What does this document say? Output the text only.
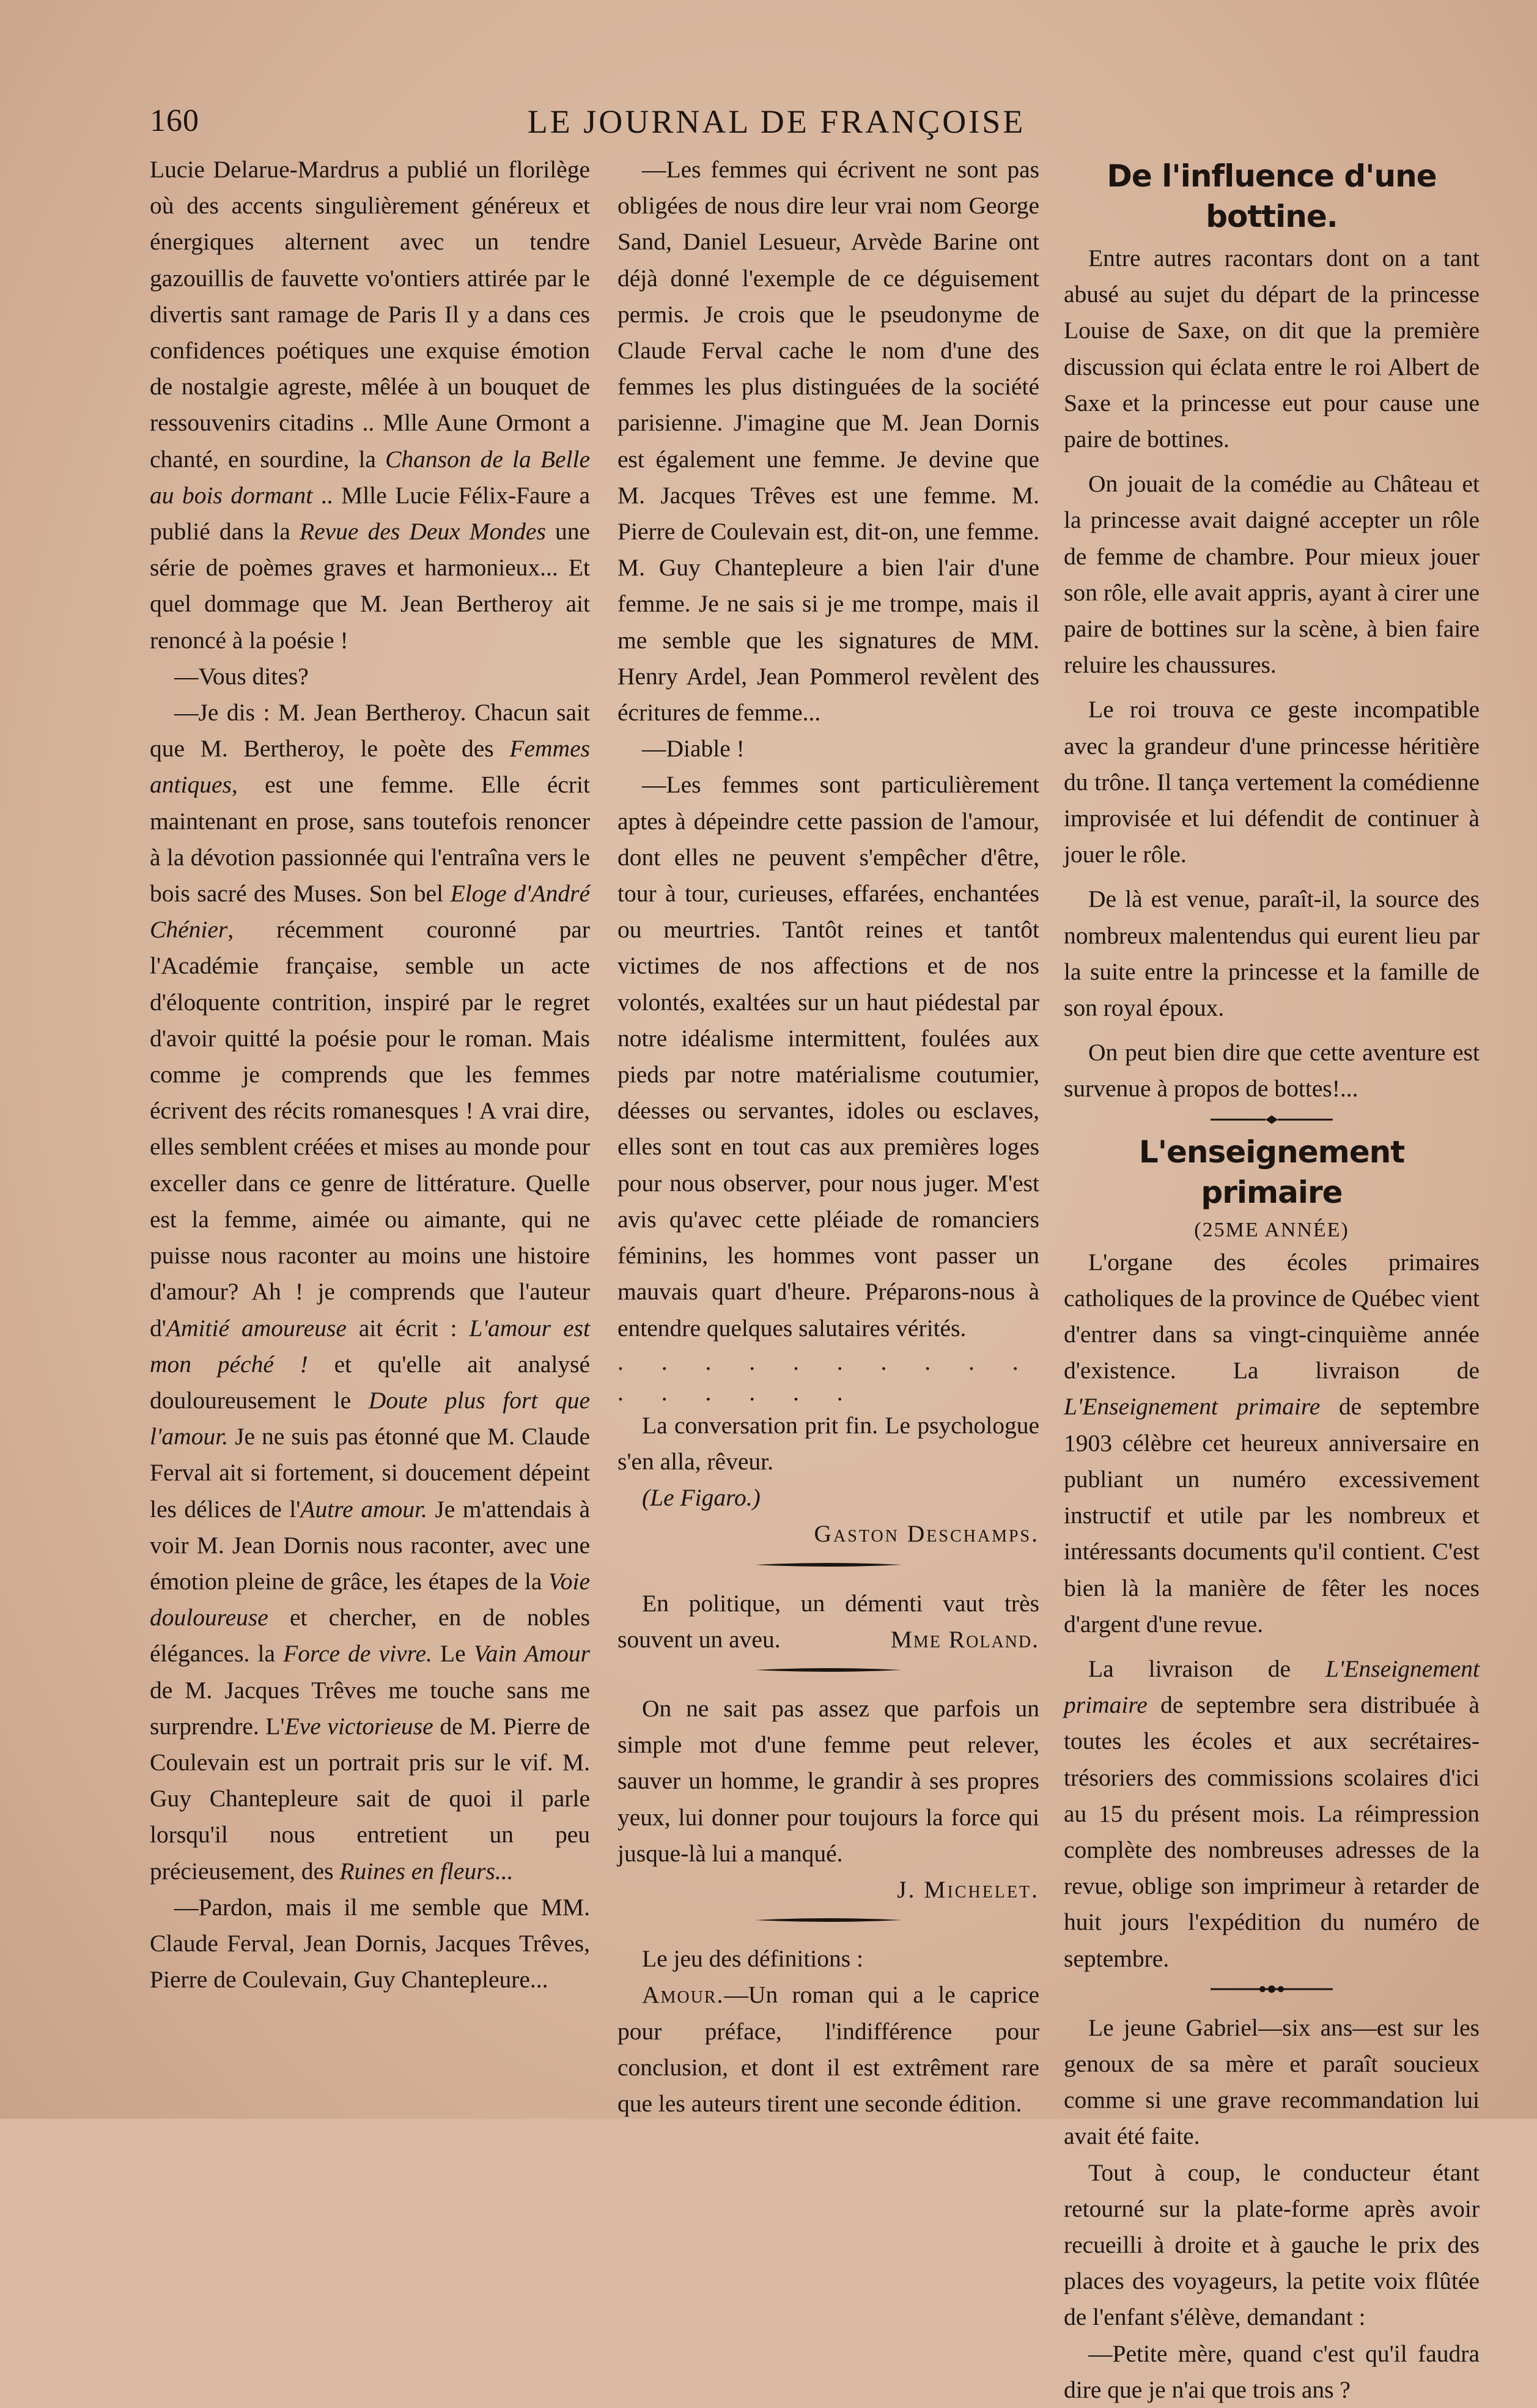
160	LE JOURNAL DE FRANÇOISE

Lucie Delarue-Mardrus a publié un florilège où des accents singulièrement généreux et énergiques alternent avec un tendre gazouillis de fauvette vo'ontiers attirée par le divertis sant ramage de Paris Il y a dans ces confidences poétiques une exquise émotion de nostalgie agreste, mêlée à un bouquet de ressouvenirs citadins .. Mlle Aune Ormont a chanté, en sourdine, la Chanson de la Belle au bois dormant .. Mlle Lucie Félix-Faure a publié dans la Revue des Deux Mondes une série de poèmes graves et harmonieux... Et quel dommage que M. Jean Bertheroy ait renoncé à la poésie !

—Vous dites?

—Je dis : M. Jean Bertheroy. Chacun sait que M. Bertheroy, le poète des Femmes antiques, est une femme. Elle écrit maintenant en prose, sans toutefois renoncer à la dévotion passionnée qui l'entraîna vers le bois sacré des Muses. Son bel Eloge d'André Chénier, récemment couronné par l'Académie française, semble un acte d'éloquente contrition, inspiré par le regret d'avoir quitté la poésie pour le roman. Mais comme je comprends que les femmes écrivent des récits romanesques ! A vrai dire, elles semblent créées et mises au monde pour exceller dans ce genre de littérature. Quelle est la femme, aimée ou aimante, qui ne puisse nous raconter au moins une histoire d'amour? Ah ! je comprends que l'auteur d'Amitié amoureuse ait écrit : L'amour est mon péché ! et qu'elle ait analysé douloureusement le Doute plus fort que l'amour. Je ne suis pas étonné que M. Claude Ferval ait si fortement, si doucement dépeint les délices de l'Autre amour. Je m'attendais à voir M. Jean Dornis nous raconter, avec une émotion pleine de grâce, les étapes de la Voie douloureuse et chercher, en de nobles élégances. la Force de vivre. Le Vain Amour de M. Jacques Trêves me touche sans me surprendre. L'Eve victorieuse de M. Pierre de Coulevain est un portrait pris sur le vif. M. Guy Chantepleure sait de quoi il parle lorsqu'il nous entretient un peu précieusement, des Ruines en fleurs...

—Pardon, mais il me semble que MM. Claude Ferval, Jean Dornis, Jacques Trêves, Pierre de Coulevain, Guy Chantepleure...

—Les femmes qui écrivent ne sont pas obligées de nous dire leur vrai nom George Sand, Daniel Lesueur, Arvède Barine ont déjà donné l'exemple de ce déguisement permis. Je crois que le pseudonyme de Claude Ferval cache le nom d'une des femmes les plus distinguées de la société parisienne. J'imagine que M. Jean Dornis est également une femme. Je devine que M. Jacques Trêves est une femme. M. Pierre de Coulevain est, dit-on, une femme. M. Guy Chantepleure a bien l'air d'une femme. Je ne sais si je me trompe, mais il me semble que les signatures de MM. Henry Ardel, Jean Pommerol revèlent des écritures de femme...

—Diable !

—Les femmes sont particulièrement aptes à dépeindre cette passion de l'amour, dont elles ne peuvent s'empêcher d'être, tour à tour, curieuses, effarées, enchantées ou meurtries. Tantôt reines et tantôt victimes de nos affections et de nos volontés, exaltées sur un haut piédestal par notre idéalisme intermittent, foulées aux pieds par notre matérialisme coutumier, déesses ou servantes, idoles ou esclaves, elles sont en tout cas aux premières loges pour nous observer, pour nous juger. M'est avis qu'avec cette pléiade de romanciers féminins, les hommes vont passer un mauvais quart d'heure. Préparons-nous à entendre quelques salutaires vérités.

. . . . . . . . . . . . . . . .

La conversation prit fin. Le psychologue s'en alla, rêveur.

(Le Figaro.)

Gaston Deschamps.

En politique, un démenti vaut très souvent un aveu.	Mme Roland.

On ne sait pas assez que parfois un simple mot d'une femme peut relever, sauver un homme, le grandir à ses propres yeux, lui donner pour toujours la force qui jusque-là lui a manqué.

J. Michelet.

Le jeu des définitions :

Amour.—Un roman qui a le caprice pour préface, l'indifférence pour conclusion, et dont il est extrêment rare que les auteurs tirent une seconde édition.

De l'influence d'une bottine.

Entre autres racontars dont on a tant abusé au sujet du départ de la princesse Louise de Saxe, on dit que la première discussion qui éclata entre le roi Albert de Saxe et la princesse eut pour cause une paire de bottines.

On jouait de la comédie au Château et la princesse avait daigné accepter un rôle de femme de chambre. Pour mieux jouer son rôle, elle avait appris, ayant à cirer une paire de bottines sur la scène, à bien faire reluire les chaussures.

Le roi trouva ce geste incompatible avec la grandeur d'une princesse héritière du trône. Il tança vertement la comédienne improvisée et lui défendit de continuer à jouer le rôle.

De là est venue, paraît-il, la source des nombreux malentendus qui eurent lieu par la suite entre la princesse et la famille de son royal époux.

On peut bien dire que cette aventure est survenue à propos de bottes!...

L'enseignement primaire

(25ME ANNÉE)

L'organe des écoles primaires catholiques de la province de Québec vient d'entrer dans sa vingt-cinquième année d'existence. La livraison de L'Enseignement primaire de septembre 1903 célèbre cet heureux anniversaire en publiant un numéro excessivement instructif et utile par les nombreux et intéressants documents qu'il contient. C'est bien là la manière de fêter les noces d'argent d'une revue.

La livraison de L'Enseignement primaire de septembre sera distribuée à toutes les écoles et aux secrétaires-trésoriers des commissions scolaires d'ici au 15 du présent mois. La réimpression complète des nombreuses adresses de la revue, oblige son imprimeur à retarder de huit jours l'expédition du numéro de septembre.

Le jeune Gabriel—six ans—est sur les genoux de sa mère et paraît soucieux comme si une grave recommandation lui avait été faite.

Tout à coup, le conducteur étant retourné sur la plate-forme après avoir recueilli à droite et à gauche le prix des places des voyageurs, la petite voix flûtée de l'enfant s'élève, demandant :

—Petite mère, quand c'est qu'il faudra dire que je n'ai que trois ans ?
